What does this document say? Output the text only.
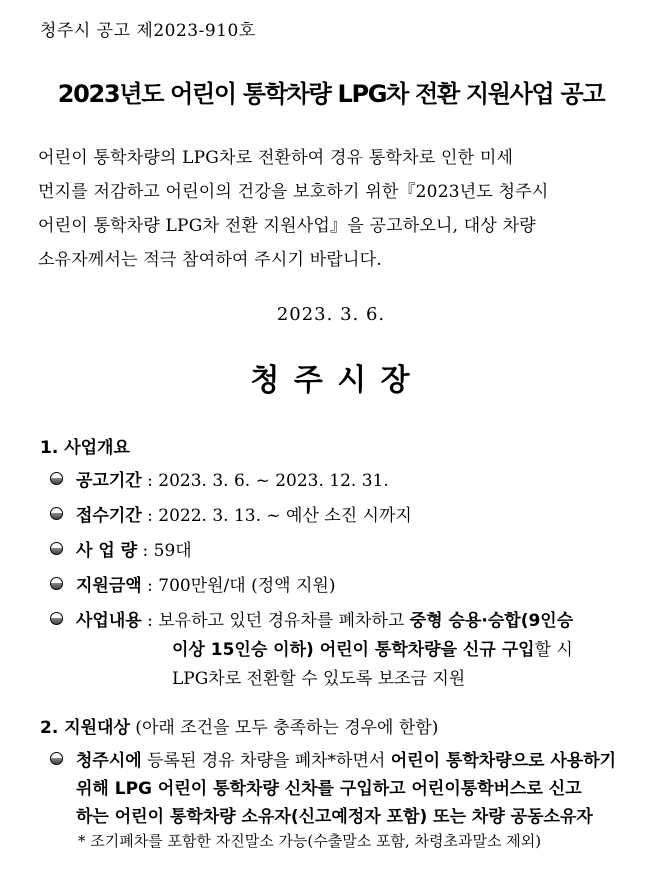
청주시 공고 제2023-910호
2023년도 어린이 통학차량 LPG차 전환 지원사업 공고
어린이 통학차량의 LPG차로 전환하여 경유 통학차로 인한 미세
먼지를 저감하고 어린이의 건강을 보호하기 위한『2023년도 청주시
어린이 통학차량 LPG차 전환 지원사업』을 공고하오니, 대상 차량
소유자께서는 적극 참여하여 주시기 바랍니다.
2023. 3. 6.
청 주 시 장
1. 사업개요
공고기간 : 2023. 3. 6. ~ 2023. 12. 31.
접수기간 : 2022. 3. 13. ~ 예산 소진 시까지
사 업 량 : 59대
지원금액 : 700만원/대 (정액 지원)
사업내용 : 보유하고 있던 경유차를 폐차하고 중형 승용·승합(9인승
이상 15인승 이하) 어린이 통학차량을 신규 구입할 시
LPG차로 전환할 수 있도록 보조금 지원
2. 지원대상 (아래 조건을 모두 충족하는 경우에 한함)
청주시에 등록된 경유 차량을 폐차*하면서 어린이 통학차량으로 사용하기
위해 LPG 어린이 통학차량 신차를 구입하고 어린이통학버스로 신고
하는 어린이 통학차량 소유자(신고예정자 포함) 또는 차량 공동소유자
* 조기폐차를 포함한 자진말소 가능(수출말소 포함, 차령초과말소 제외)
